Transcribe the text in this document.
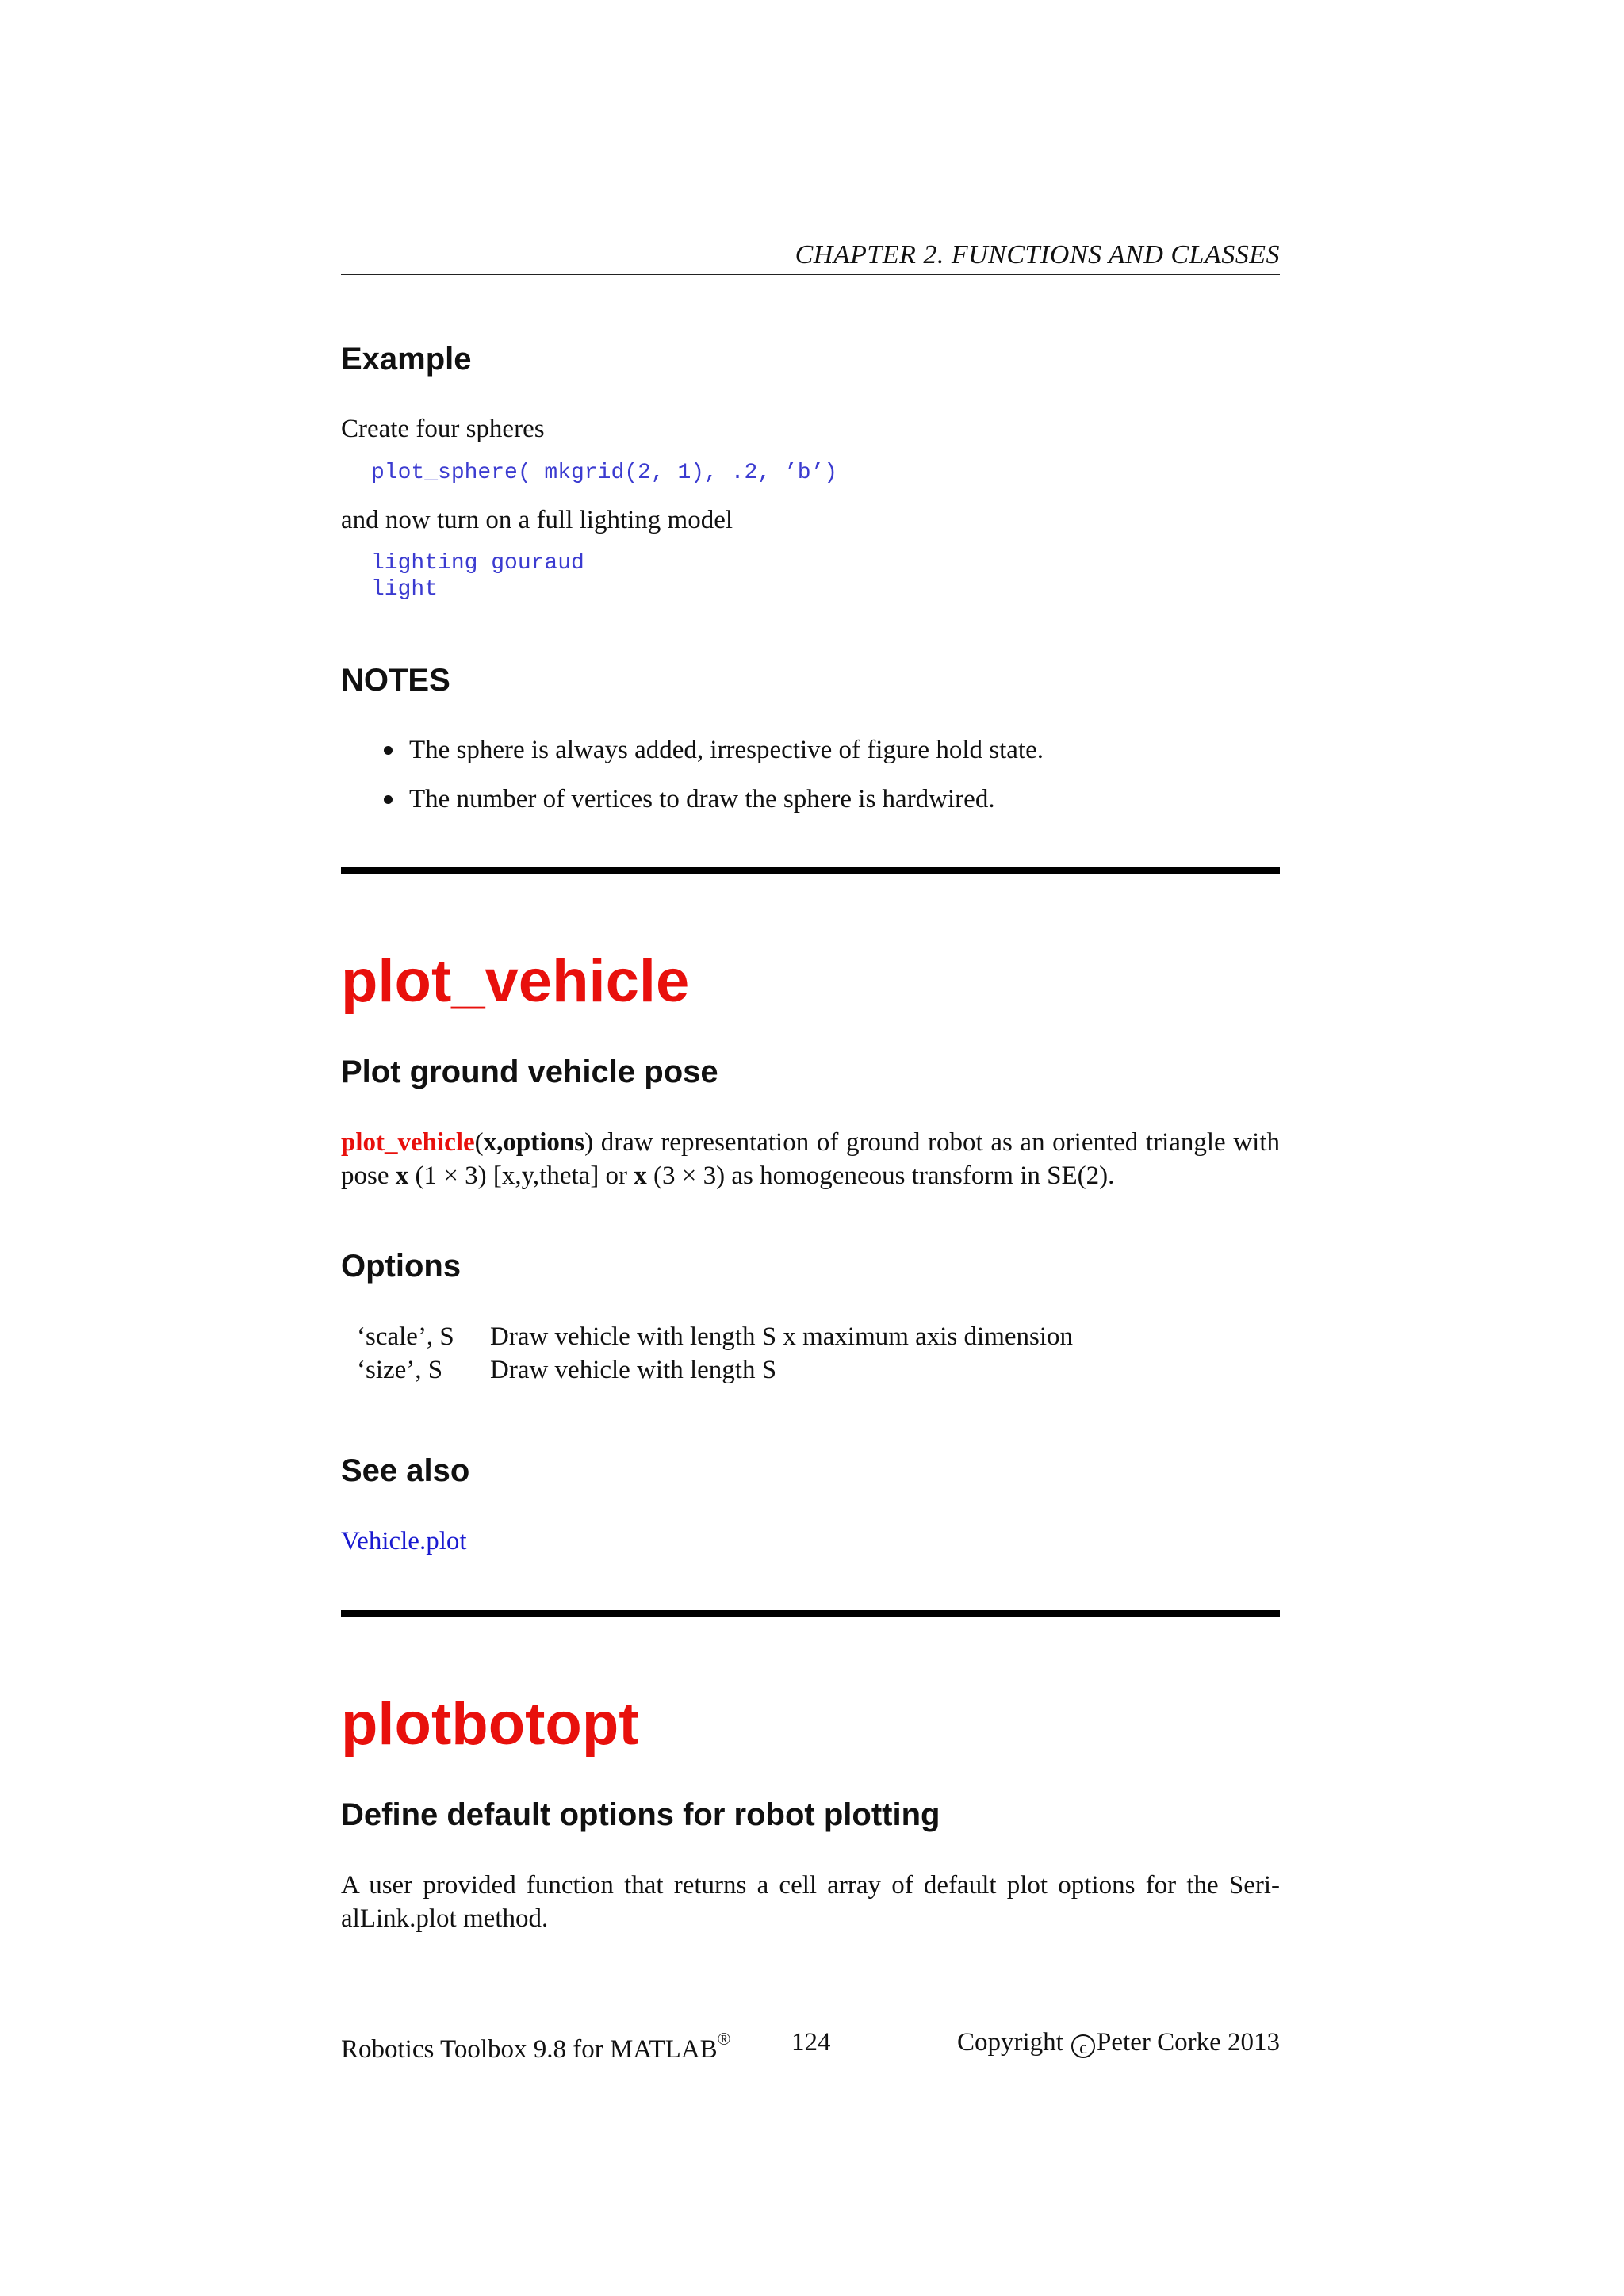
CHAPTER 2. FUNCTIONS AND CLASSES
Example
Create four spheres
plot_sphere( mkgrid(2, 1), .2, ’b’)
and now turn on a full lighting model
lighting gouraud
light
NOTES
The sphere is always added, irrespective of figure hold state.
The number of vertices to draw the sphere is hardwired.
plot_vehicle
Plot ground vehicle pose
plot_vehicle(x,options) draw representation of ground robot as an oriented triangle with pose x (1 × 3) [x,y,theta] or x (3 × 3) as homogeneous transform in SE(2).
Options
‘scale’, S	Draw vehicle with length S x maximum axis dimension
‘size’, S	Draw vehicle with length S
See also
Vehicle.plot
plotbotopt
Define default options for robot plotting
A user provided function that returns a cell array of default plot options for the Seri-alLink.plot method.
Robotics Toolbox 9.8 for MATLAB® 124	Copyright c Peter Corke 2013
